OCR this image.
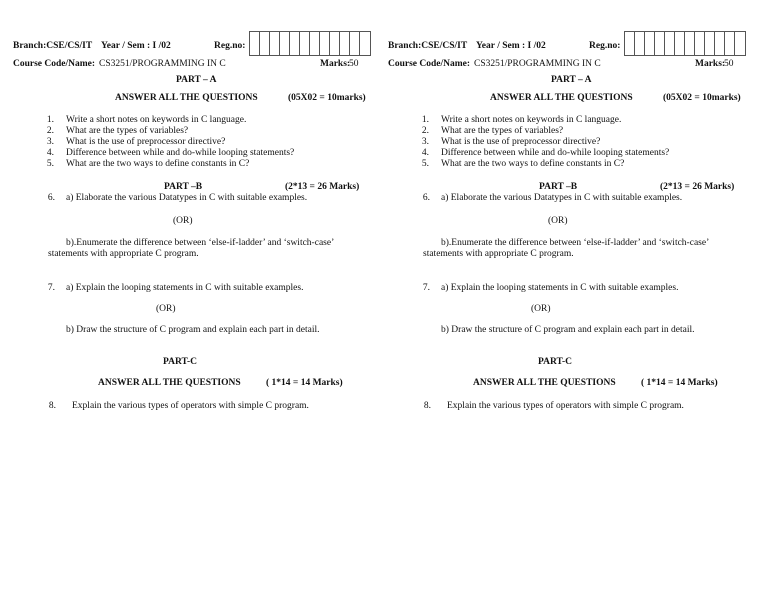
Branch:CSE/CS/IT Year / Sem : I /02	Reg.no:
Course Code/Name: CS3251/PROGRAMMING IN C	Marks:
50
PART – A
ANSWER ALL THE QUESTIONS	(05X02 = 10marks)
1. Write a short notes on keywords in C language.
2. What are the types of variables?
3. What is the use of preprocessor directive?
4. Difference between while and do-while looping statements?
5. What are the two ways to define constants in C?
PART –B	(2*13 = 26 Marks)
6. a) Elaborate the various Datatypes in C with suitable examples.
(OR)
b).Enumerate the difference between ‘else-if-ladder’ and ‘switch-case’
statements with appropriate C program.
7. a) Explain the looping statements in C with suitable examples.
(OR)
b) Draw the structure of C program and explain each part in detail.
PART-C
ANSWER ALL THE QUESTIONS	( 1*14 = 14 Marks)
8. Explain the various types of operators with simple C program.
Branch:CSE/CS/IT Year / Sem : I /02	Reg.no:
Course Code/Name: CS3251/PROGRAMMING IN C	Marks:
50
PART – A
ANSWER ALL THE QUESTIONS	(05X02 = 10marks)
1. Write a short notes on keywords in C language.
2. What are the types of variables?
3. What is the use of preprocessor directive?
4. Difference between while and do-while looping statements?
5. What are the two ways to define constants in C?
PART –B	(2*13 = 26 Marks)
6. a) Elaborate the various Datatypes in C with suitable examples.
(OR)
b).Enumerate the difference between ‘else-if-ladder’ and ‘switch-case’
statements with appropriate C program.
7. a) Explain the looping statements in C with suitable examples.
(OR)
b) Draw the structure of C program and explain each part in detail.
PART-C
ANSWER ALL THE QUESTIONS	( 1*14 = 14 Marks)
8. Explain the various types of operators with simple C program.
